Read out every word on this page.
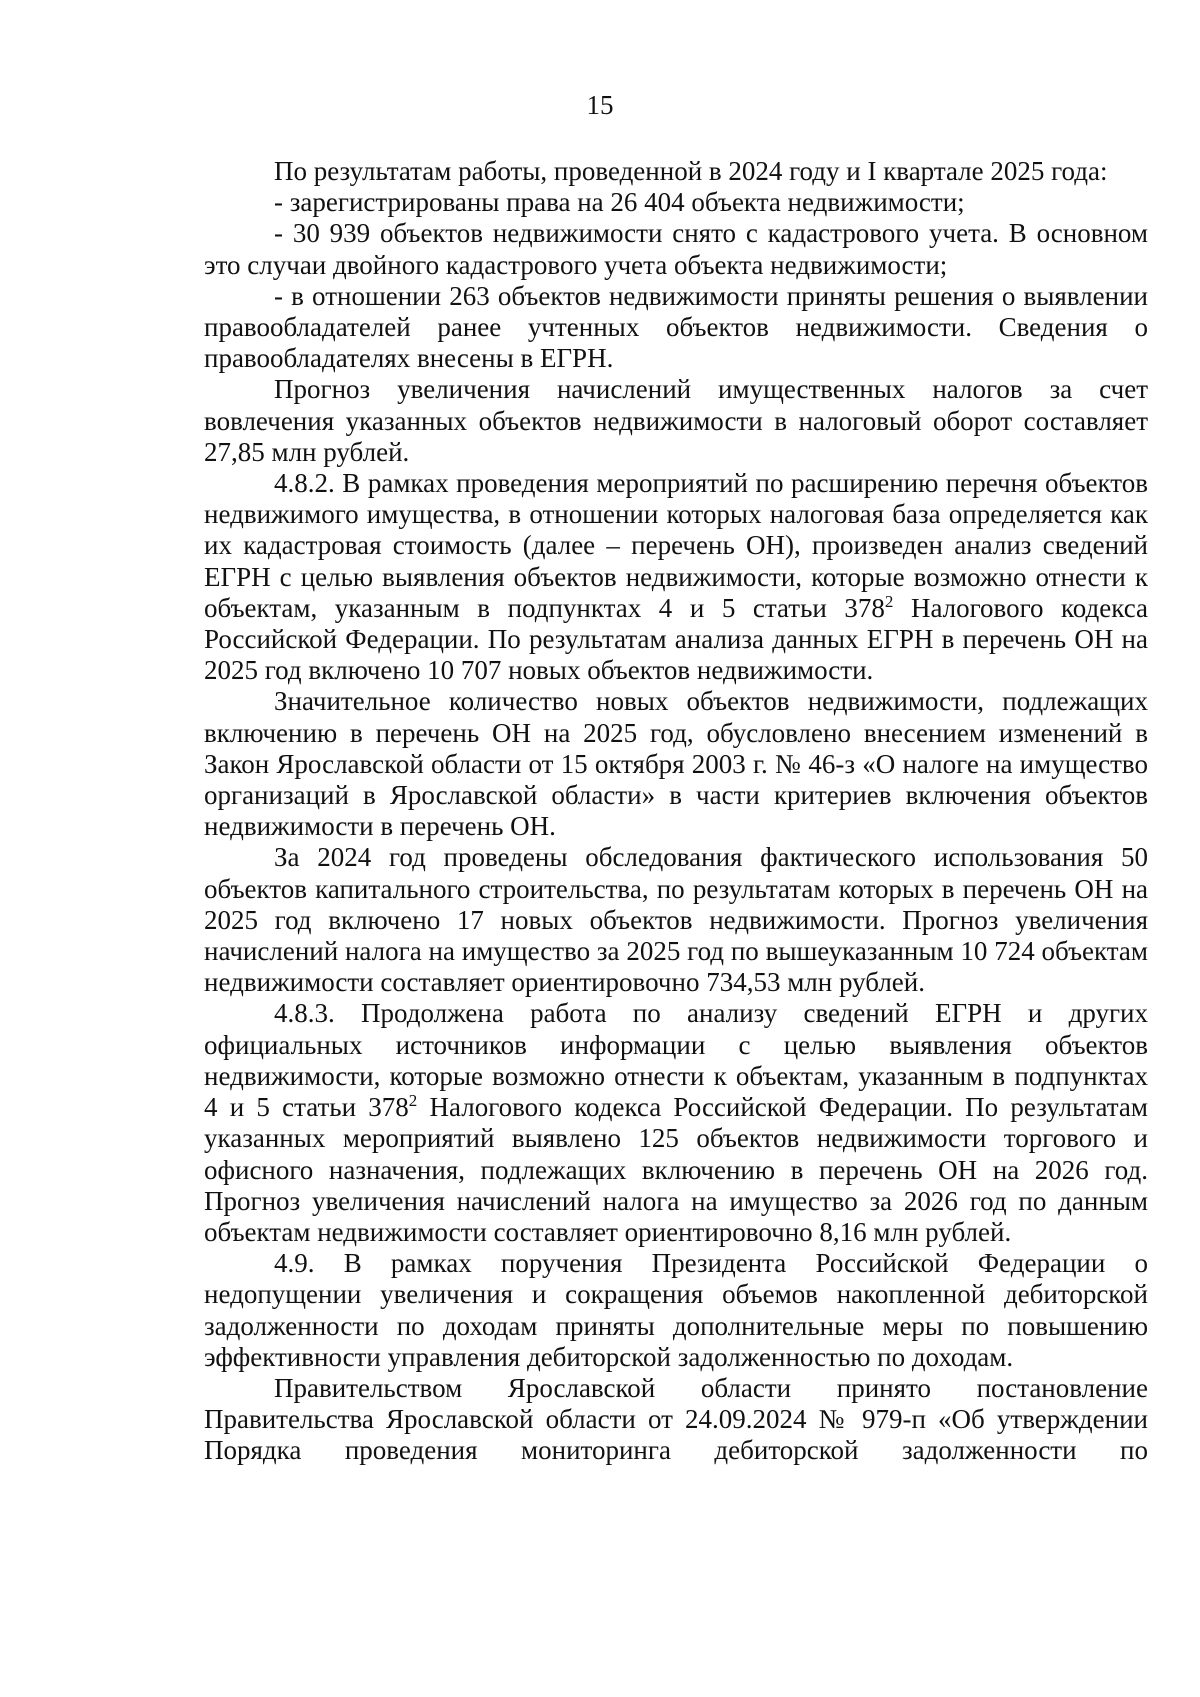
15

По результатам работы, проведенной в 2024 году и I квартале 2025 года:

- зарегистрированы права на 26 404 объекта недвижимости;

- 30 939 объектов недвижимости снято с кадастрового учета. В основном это случаи двойного кадастрового учета объекта недвижимости;

- в отношении 263 объектов недвижимости приняты решения о выявлении правообладателей ранее учтенных объектов недвижимости. Сведения о правообладателях внесены в ЕГРН.

Прогноз увеличения начислений имущественных налогов за счет вовлечения указанных объектов недвижимости в налоговый оборот составляет 27,85 млн рублей.

4.8.2. В рамках проведения мероприятий по расширению перечня объектов недвижимого имущества, в отношении которых налоговая база определяется как их кадастровая стоимость (далее – перечень ОН), произведен анализ сведений ЕГРН с целью выявления объектов недвижимости, которые возможно отнести к объектам, указанным в подпунктах 4 и 5 статьи $378^2$ Налогового кодекса Российской Федерации. По результатам анализа данных ЕГРН в перечень ОН на 2025 год включено 10 707 новых объектов недвижимости.

Значительное количество новых объектов недвижимости, подлежащих включению в перечень ОН на 2025 год, обусловлено внесением изменений в Закон Ярославской области от 15 октября 2003 г. № 46-з «О налоге на имущество организаций в Ярославской области» в части критериев включения объектов недвижимости в перечень ОН.

За 2024 год проведены обследования фактического использования 50 объектов капитального строительства, по результатам которых в перечень ОН на 2025 год включено 17 новых объектов недвижимости. Прогноз увеличения начислений налога на имущество за 2025 год по вышеуказанным 10 724 объектам недвижимости составляет ориентировочно 734,53 млн рублей.

4.8.3. Продолжена работа по анализу сведений ЕГРН и других официальных источников информации с целью выявления объектов недвижимости, которые возможно отнести к объектам, указанным в подпунктах 4 и 5 статьи $378^2$ Налогового кодекса Российской Федерации. По результатам указанных мероприятий выявлено 125 объектов недвижимости торгового и офисного назначения, подлежащих включению в перечень ОН на 2026 год. Прогноз увеличения начислений налога на имущество за 2026 год по данным объектам недвижимости составляет ориентировочно 8,16 млн рублей.

4.9. В рамках поручения Президента Российской Федерации о недопущении увеличения и сокращения объемов накопленной дебиторской задолженности по доходам приняты дополнительные меры по повышению эффективности управления дебиторской задолженностью по доходам.

Правительством Ярославской области принято постановление Правительства Ярославской области от 24.09.2024 № 979-п «Об утверждении Порядка проведения мониторинга дебиторской задолженности по
